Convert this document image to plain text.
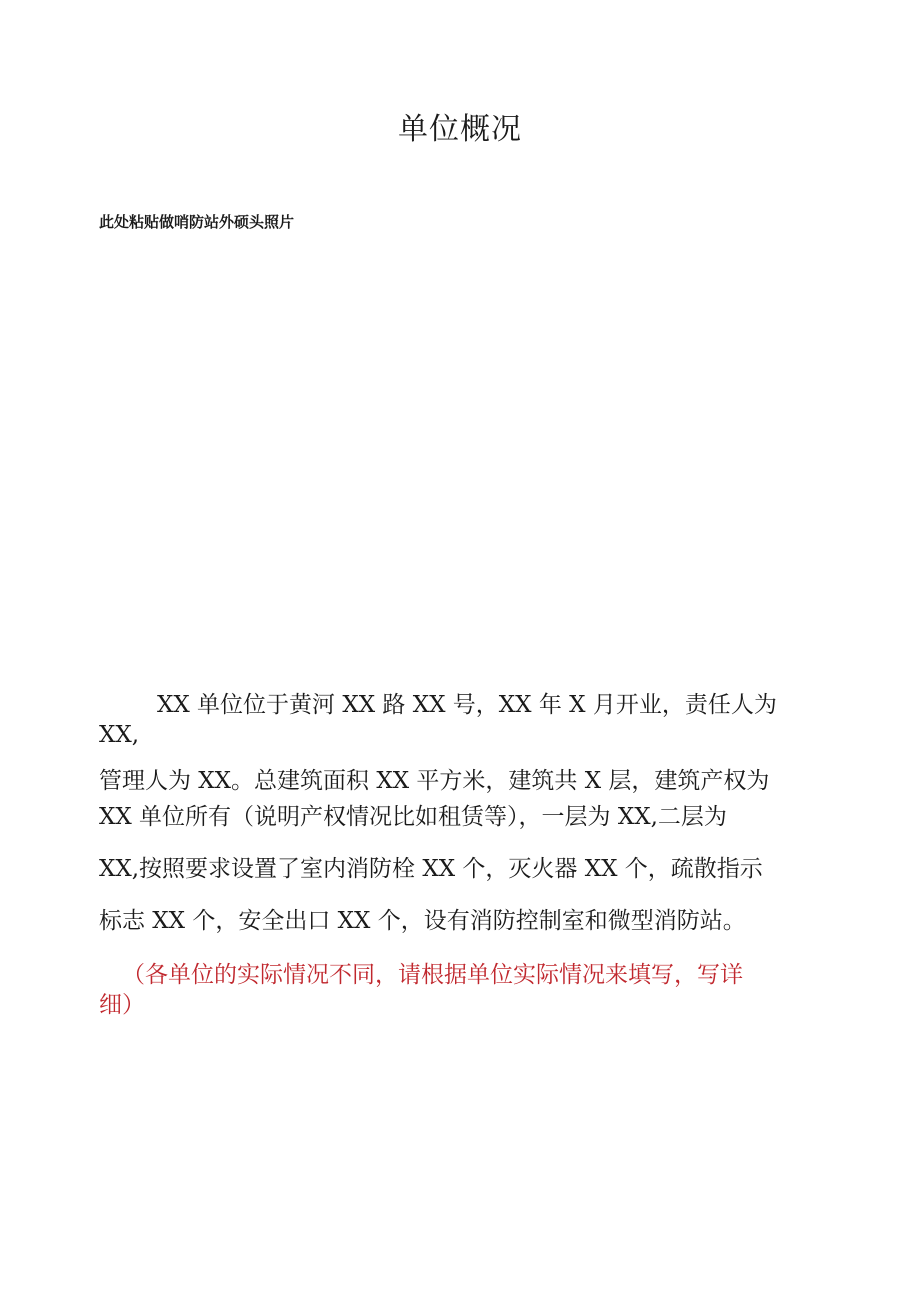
单位概况
此处粘贴做哨防站外硕头照片
XX 单位位于黄河 XX 路 XX 号，XX 年 X 月开业，责任人为
XX,
管理人为 XX。总建筑面积 XX 平方米，建筑共 X 层，建筑产权为
XX 单位所有（说明产权情况比如租赁等），一层为 XX,二层为
XX,按照要求设置了室内消防栓 XX 个，灭火器 XX 个，疏散指示
标志 XX 个，安全出口 XX 个，设有消防控制室和微型消防站。
（各单位的实际情况不同，请根据单位实际情况来填写，写详
细）
